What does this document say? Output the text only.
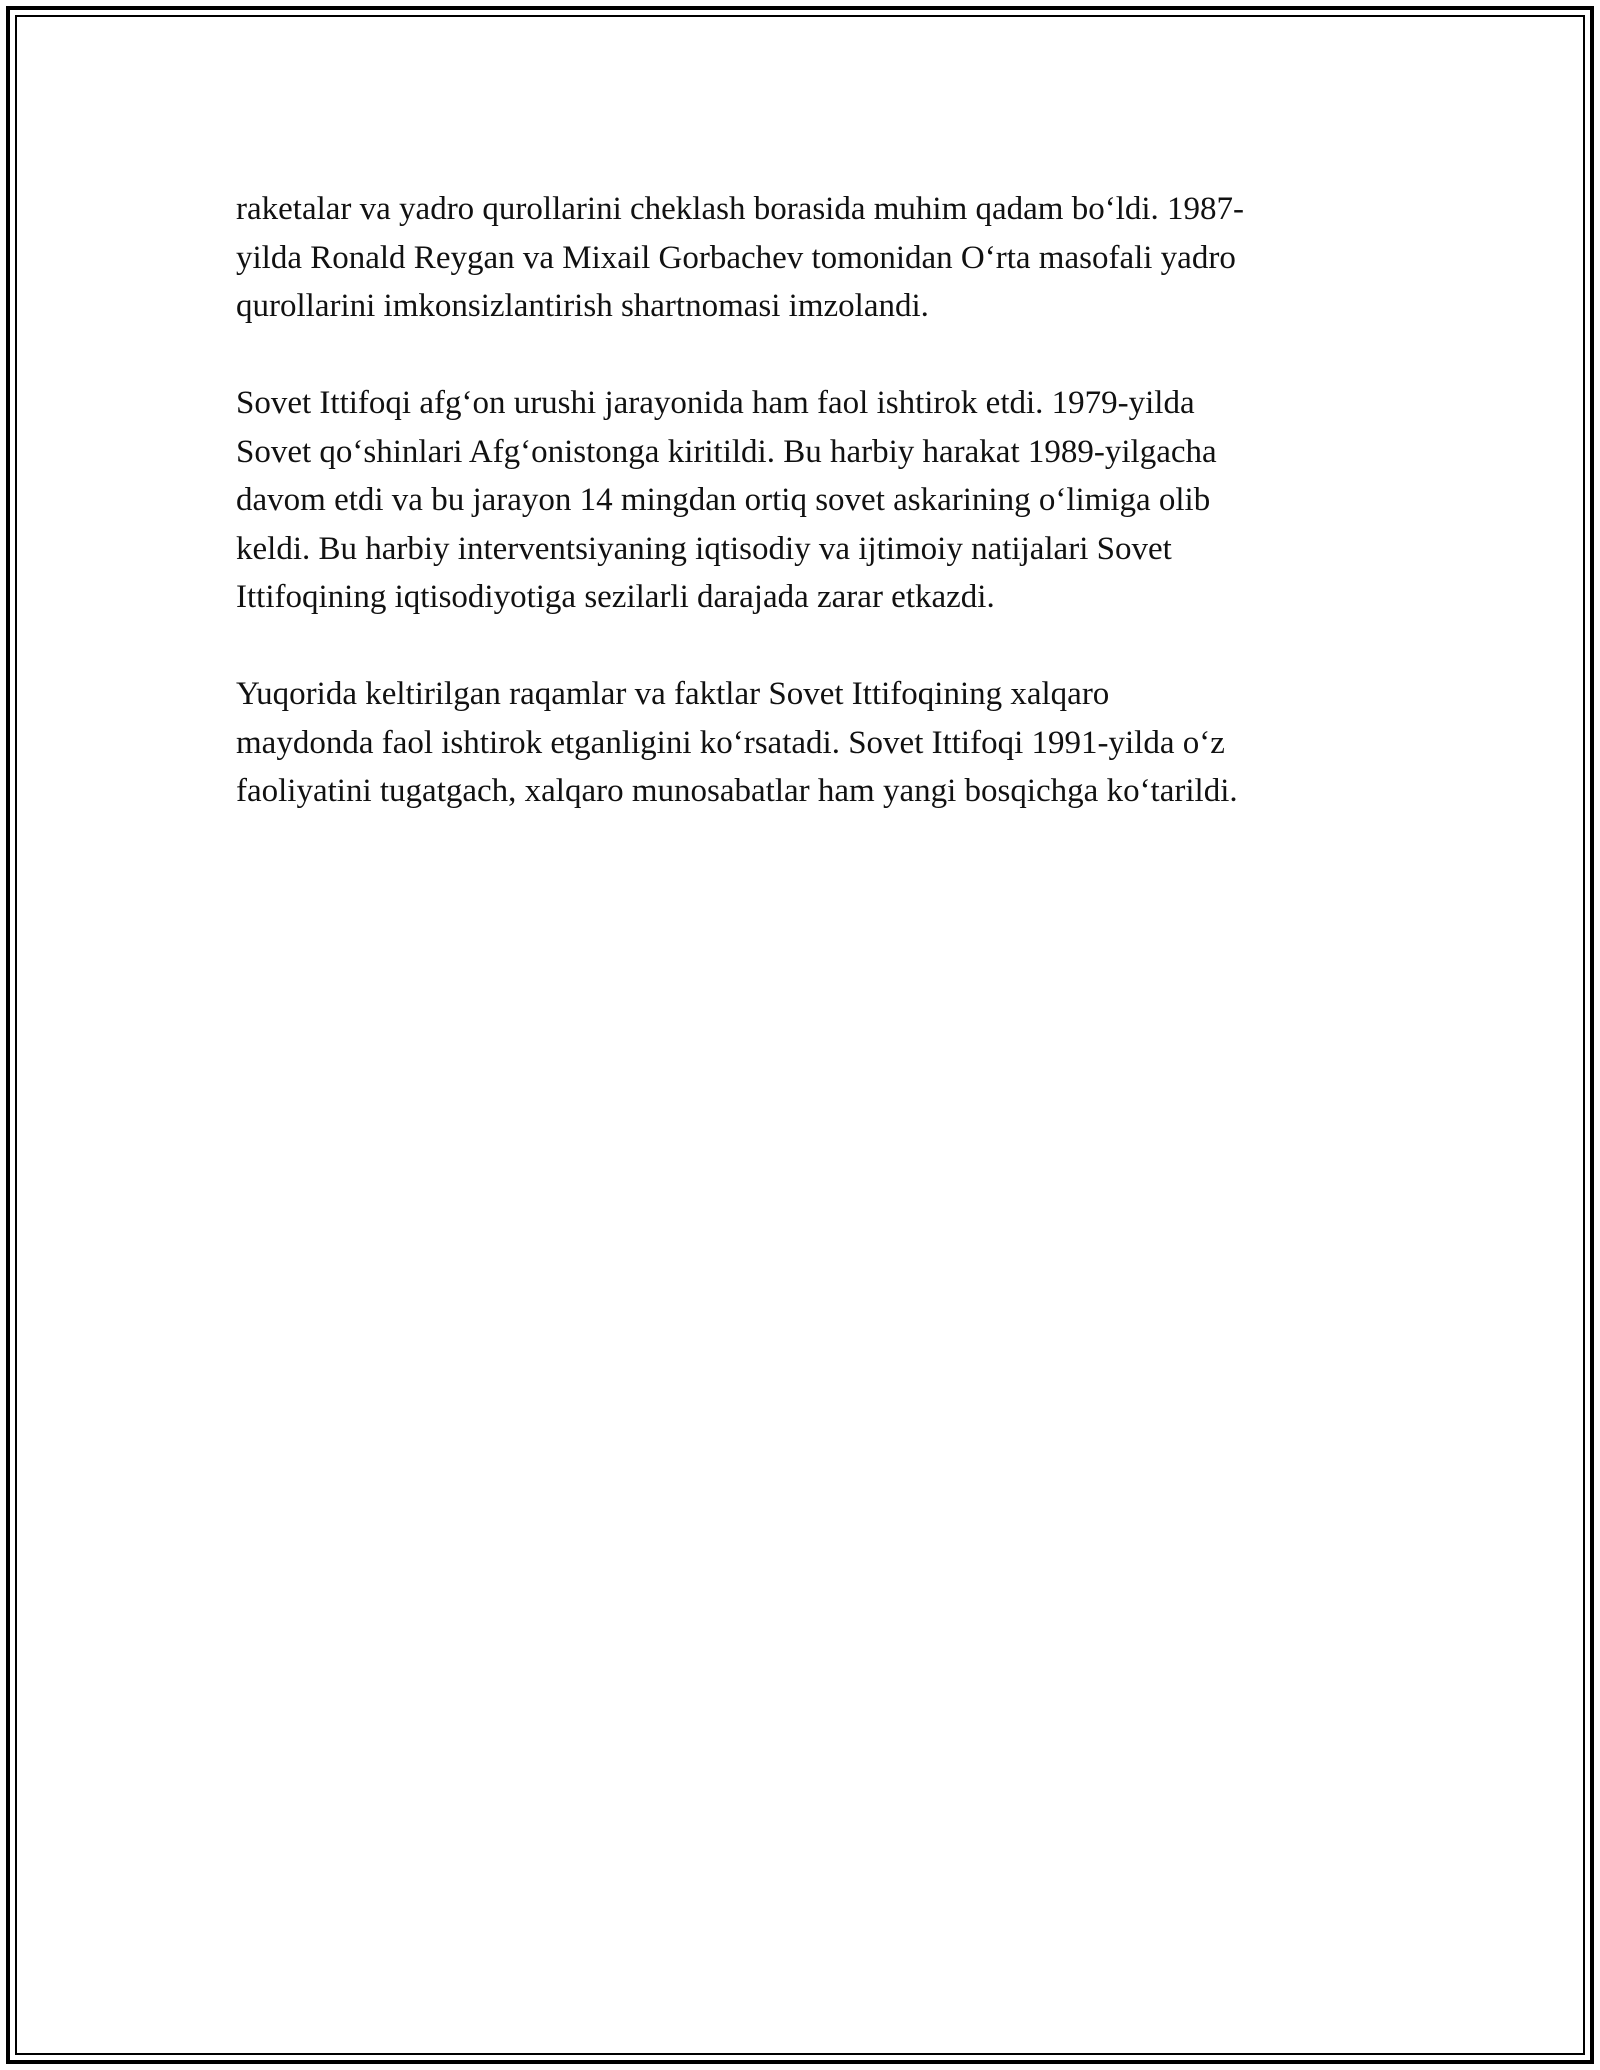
raketalar va yadro qurollarini cheklash borasida muhim qadam bo‘ldi. 1987-
yilda Ronald Reygan va Mixail Gorbachev tomonidan O‘rta masofali yadro
qurollarini imkonsizlantirish shartnomasi imzolandi.

Sovet Ittifoqi afg‘on urushi jarayonida ham faol ishtirok etdi. 1979-yilda
Sovet qo‘shinlari Afg‘onistonga kiritildi. Bu harbiy harakat 1989-yilgacha
davom etdi va bu jarayon 14 mingdan ortiq sovet askarining o‘limiga olib
keldi. Bu harbiy interventsiyaning iqtisodiy va ijtimoiy natijalari Sovet
Ittifoqining iqtisodiyotiga sezilarli darajada zarar etkazdi.

Yuqorida keltirilgan raqamlar va faktlar Sovet Ittifoqining xalqaro
maydonda faol ishtirok etganligini ko‘rsatadi. Sovet Ittifoqi 1991-yilda o‘z
faoliyatini tugatgach, xalqaro munosabatlar ham yangi bosqichga ko‘tarildi.
